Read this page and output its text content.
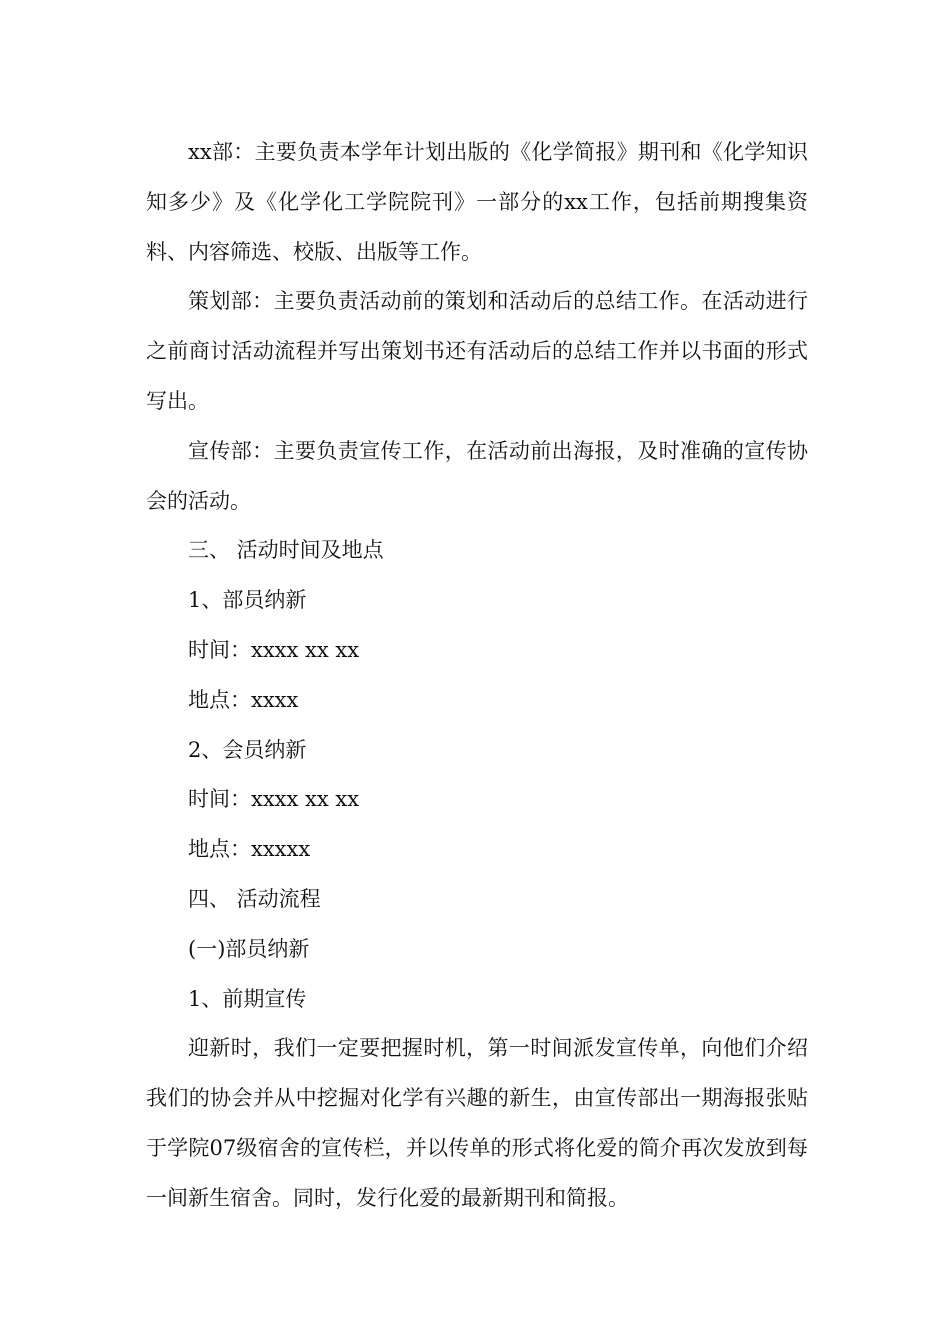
xx部：主要负责本学年计划出版的《化学简报》期刊和《化学知识知多少》及《化学化工学院院刊》一部分的xx工作，包括前期搜集资料、内容筛选、校版、出版等工作。

策划部：主要负责活动前的策划和活动后的总结工作。在活动进行之前商讨活动流程并写出策划书还有活动后的总结工作并以书面的形式写出。

宣传部：主要负责宣传工作，在活动前出海报，及时准确的宣传协会的活动。

三、 活动时间及地点

1、部员纳新

时间：xxxx xx xx

地点：xxxx

2、会员纳新

时间：xxxx xx xx

地点：xxxxx

四、 活动流程

(一)部员纳新

1、前期宣传

迎新时，我们一定要把握时机，第一时间派发宣传单，向他们介绍我们的协会并从中挖掘对化学有兴趣的新生，由宣传部出一期海报张贴于学院07级宿舍的宣传栏，并以传单的形式将化爱的简介再次发放到每一间新生宿舍。同时，发行化爱的最新期刊和简报。
